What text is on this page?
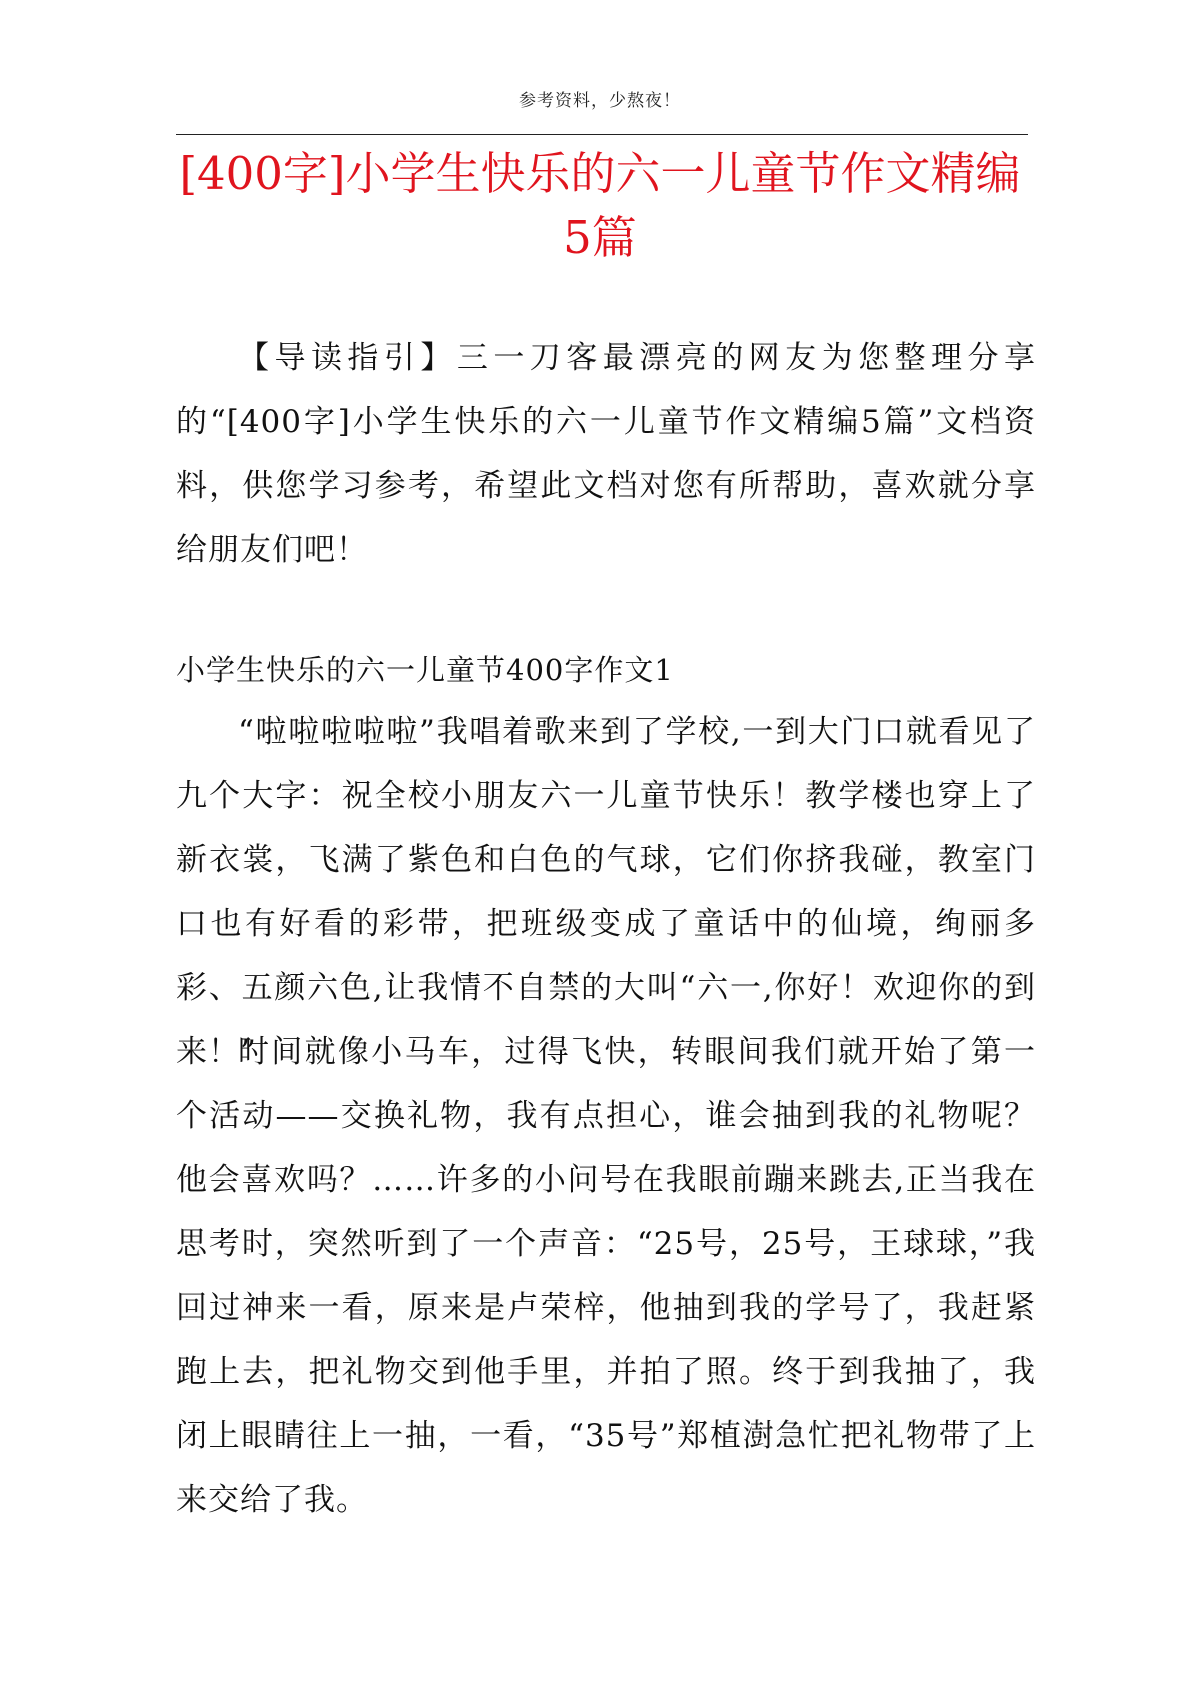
参考资料，少熬夜！
[400字]小学生快乐的六一儿童节作文精编5篇

【导读指引】三一刀客最漂亮的网友为您整理分享的“[400字]小学生快乐的六一儿童节作文精编5篇”文档资料，供您学习参考，希望此文档对您有所帮助，喜欢就分享给朋友们吧！

小学生快乐的六一儿童节400字作文1

“啦啦啦啦啦”我唱着歌来到了学校,一到大门口就看见了九个大字：祝全校小朋友六一儿童节快乐！教学楼也穿上了新衣裳，飞满了紫色和白色的气球，它们你挤我碰，教室门口也有好看的彩带，把班级变成了童话中的仙境，绚丽多彩、五颜六色,让我情不自禁的大叫“六一,你好！欢迎你的到来！”

时间就像小马车，过得飞快，转眼间我们就开始了第一个活动——交换礼物，我有点担心，谁会抽到我的礼物呢？他会喜欢吗？……许多的小问号在我眼前蹦来跳去,正当我在思考时，突然听到了一个声音：“25号，25号，王球球，”我回过神来一看，原来是卢荣梓，他抽到我的学号了，我赶紧跑上去，把礼物交到他手里，并拍了照。终于到我抽了，我闭上眼睛往上一抽，一看，“35号”郑植澍急忙把礼物带了上来交给了我。
